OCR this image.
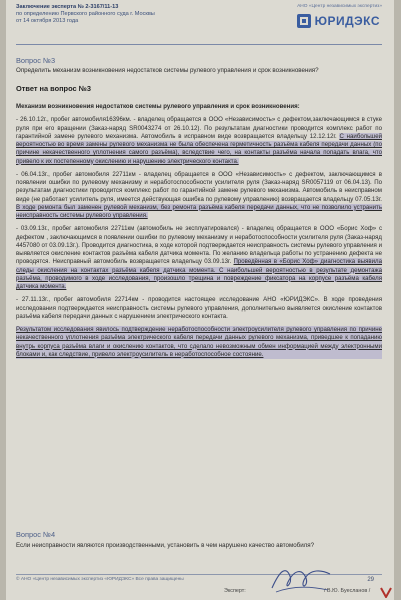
Заключение эксперта № 2-3167/11-13
по определению Первского районного суда г. Москвы
от 14 октября 2013 года
АНО «Центр независимых экспертиз»
ЮРИДЭКС
Вопрос №3
Определить механизм возникновения недостатков системы рулевого управления и срок возникновения?
Ответ на вопрос №3

Механизм возникновения недостатков системы рулевого управления и срок возникновения:

- 26.10.12г., пробег автомобиля16396км. - владелец обращается в ООО «Независимость» с дефектом,заключающимся в стуке руля при его вращении (Заказ-наряд SR0043274 от 26.10.12). По результатам диагностики проводится комплекс работ по гарантийной замене рулевого механизма. Автомобиль в исправном виде возвращается владельцу 12.12.12г. С наибольшей вероятностью во время замены рулевого механизма не была обеспечена герметичность разъёма кабеля передачи данных (по причине некачественного уплотнения самого разъёма), вследствие чего, на контакты разъёма начала попадать влага, что привело к их постепенному окислению и нарушению электрического контакта.

- 06.04.13г., пробег автомобиля 22711км - владелец обращается в ООО «Независимость» с дефектом, заключающимся в появлении ошибки по рулевому механизму и неработоспособности усилителя руля (Заказ-наряд SR0057119 от 06.04.13). По результатам диагностики проводится комплекс работ по гарантийной замене рулевого механизма. Автомобиль в неисправном виде (не работает усилитель руля, имеется действующая ошибка по рулевому управлению) возвращается владельцу 07.05.13г. В ходе ремонта был заменен рулевой механизм, без ремонта разъёма кабеля передачи данных, что не позволило устранить неисправность системы рулевого управления.

- 03.09.13г., пробег автомобиля 22711км (автомобиль не эксплуатировался) - владелец обращается в ООО «Борис Хоф» с дефектом , заключающимся в появлении ошибки по рулевому механизму и неработоспособности усилителя руля (Заказ-наряд 4457080 от 03.09.13г.). Проводится диагностика, в ходе которой подтверждается неисправность системы рулевого управления и выявляется окисление контактов разъёма кабеля датчика момента. По желанию владельца работы по устранению дефекта не проводятся. Неисправный автомобиль возвращается владельцу 03.09.13г. Проведённая в «Борис Хоф» диагностика выявила следы окисления на контактах разъёма кабеля датчика момента. С наибольшей вероятностью в результате демонтажа разъёма, проводимого в ходе исследования, произошло трещина и повреждение фиксатора на корпусе разъёма кабеля датчика момента.

- 27.11.13г., пробег автомобиля 22714км - проводится настоящее исследование АНО «ЮРИДЭКС». В ходе проведения исследования подтверждается неисправность системы рулевого управления, дополнительно выявляется окисление контактов разъёма кабеля передачи данных с нарушением электрического контакта.

Результатом исследования явилось подтверждение неработоспособности электроусилителя рулевого управления по причине некачественного уплотнения разъёма электрического кабеля передачи данных рулевого механизма, приведшее к попаданию внутрь корпуса разъёма влаги и окислению контактов, что сделало невозможным обмен информацией между электронными блоками и, как следствие, привело электроусилитель в неработоспособное состояние.

Вопрос №4
Если неисправности являются производственными, установить в чем нарушено качество автомобиля?
© АНО «Центр независимых экспертиз «ЮРИДЭКС» Все права защищены	29
Эксперт:	/ В.Ю. Буесланов /
